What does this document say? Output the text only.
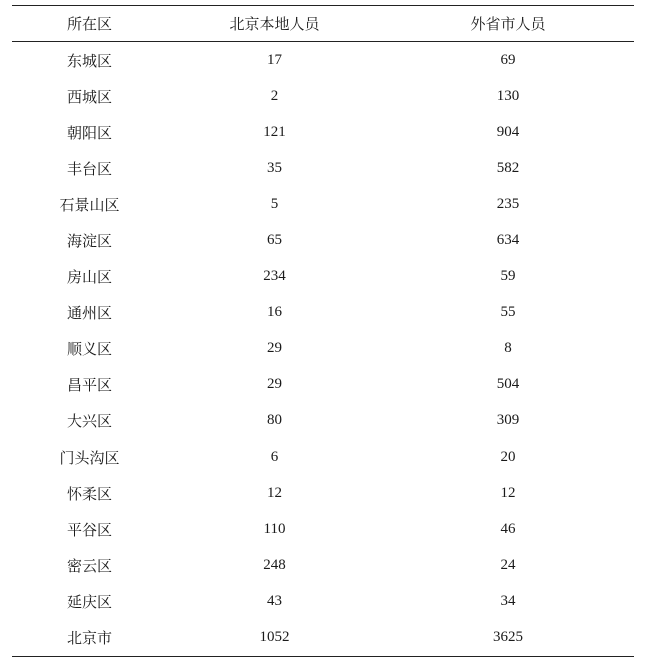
所在区	北京本地人员	外省市人员
东城区	17	69
西城区	2	130
朝阳区	121	904
丰台区	35	582
石景山区	5	235
海淀区	65	634
房山区	234	59
通州区	16	55
顺义区	29	8
昌平区	29	504
大兴区	80	309
门头沟区	6	20
怀柔区	12	12
平谷区	110	46
密云区	248	24
延庆区	43	34
北京市	1052	3625
